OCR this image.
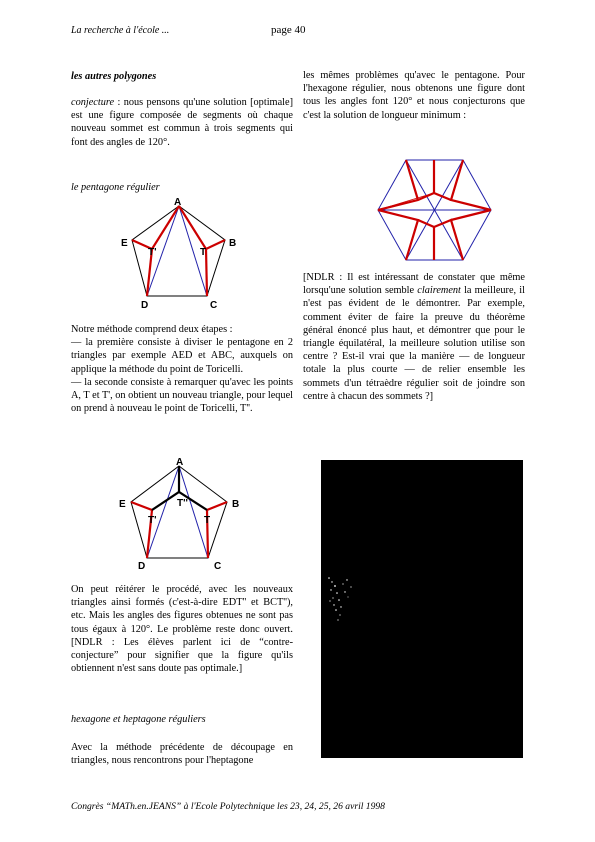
La recherche à l'école ...	page 40

les autres polygones

conjecture : nous pensons qu'une solution [optimale] est une figure composée de segments où chaque nouveau sommet est commun à trois segments qui font des angles de 120°.

le pentagone régulier

A
B
C
D
E
T
T'

Notre méthode comprend deux étapes :

— la première consiste à diviser le pentagone en 2 triangles par exemple AED et ABC, auxquels on applique la méthode du point de Toricelli.

— la seconde consiste à remarquer qu'avec les points A, T et T', on obtient un nouveau triangle, pour lequel on prend à nouveau le point de Toricelli, T''.

A
B
C
D
E
T
T'
T''

On peut réitérer le procédé, avec les nouveaux triangles ainsi formés (c'est-à-dire EDT'' et BCT''), etc. Mais les angles des figures obtenues ne sont pas tous égaux à 120°. Le problème reste donc ouvert. [NDLR : Les élèves parlent ici de “contre-conjecture” pour signifier que la figure qu'ils obtiennent n'est sans doute pas optimale.]

hexagone et heptagone réguliers

Avec la méthode précédente de découpage en triangles, nous rencontrons pour l'heptagone

les mêmes problèmes qu'avec le pentagone. Pour l'hexagone régulier, nous obtenons une figure dont tous les angles font 120° et nous conjecturons que c'est la solution de longueur minimum :

[NDLR : Il est intéressant de constater que même lorsqu'une solution semble clairement la meilleure, il n'est pas évident de le démontrer. Par exemple, comment éviter de faire la preuve du théorème général énoncé plus haut, et démontrer que pour le triangle équilatéral, la meilleure solution utilise son centre ? Est-il vrai que la manière — de longueur totale la plus courte — de relier ensemble les sommets d'un tétraèdre régulier soit de joindre son centre à chacun des sommets ?]

Congrès “MATh.en.JEANS” à l'Ecole Polytechnique les 23, 24, 25, 26 avril 1998
